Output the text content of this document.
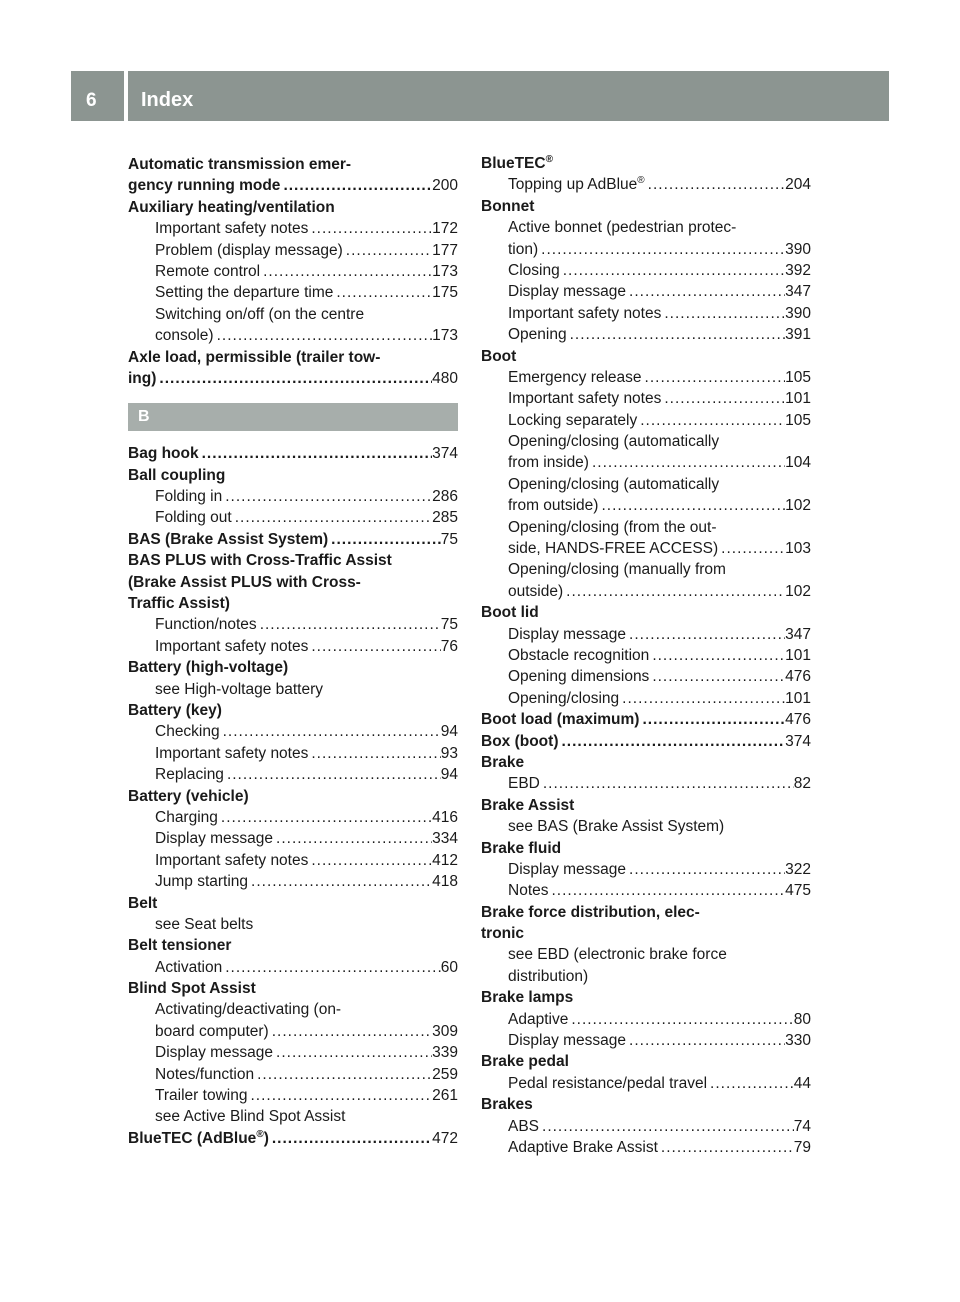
6 Index
Automatic transmission emer-
gency running mode .....	200
Auxiliary heating/ventilation
Important safety notes .....	172
Problem (display message) .....	177
Remote control .....	173
Setting the departure time .....	175
Switching on/off (on the centre
console) .....	173
Axle load, permissible (trailer tow-
ing) .....	480
B
Bag hook .....	374
Ball coupling
Folding in .....	286
Folding out .....	285
BAS (Brake Assist System) .....	75
BAS PLUS with Cross-Traffic Assist
(Brake Assist PLUS with Cross-
Traffic Assist)
Function/notes .....	75
Important safety notes .....	76
Battery (high-voltage)
see High-voltage battery
Battery (key)
Checking .....	94
Important safety notes .....	93
Replacing .....	94
Battery (vehicle)
Charging .....	416
Display message .....	334
Important safety notes .....	412
Jump starting .....	418
Belt
see Seat belts
Belt tensioner
Activation .....	60
Blind Spot Assist
Activating/deactivating (on-
board computer) .....	309
Display message .....	339
Notes/function .....	259
Trailer towing .....	261
see Active Blind Spot Assist
BlueTEC (AdBlue®) .....	472
BlueTEC®
Topping up AdBlue® .....	204
Bonnet
Active bonnet (pedestrian protec-
tion) .....	390
Closing .....	392
Display message .....	347
Important safety notes .....	390
Opening .....	391
Boot
Emergency release .....	105
Important safety notes .....	101
Locking separately .....	105
Opening/closing (automatically
from inside) .....	104
Opening/closing (automatically
from outside) .....	102
Opening/closing (from the out-
side, HANDS-FREE ACCESS) .....	103
Opening/closing (manually from
outside) .....	102
Boot lid
Display message .....	347
Obstacle recognition .....	101
Opening dimensions .....	476
Opening/closing .....	101
Boot load (maximum) .....	476
Box (boot) .....	374
Brake
EBD .....	82
Brake Assist
see BAS (Brake Assist System)
Brake fluid
Display message .....	322
Notes .....	475
Brake force distribution, elec-
tronic
see EBD (electronic brake force
distribution)
Brake lamps
Adaptive .....	80
Display message .....	330
Brake pedal
Pedal resistance/pedal travel .....	44
Brakes
ABS .....	74
Adaptive Brake Assist .....	79
